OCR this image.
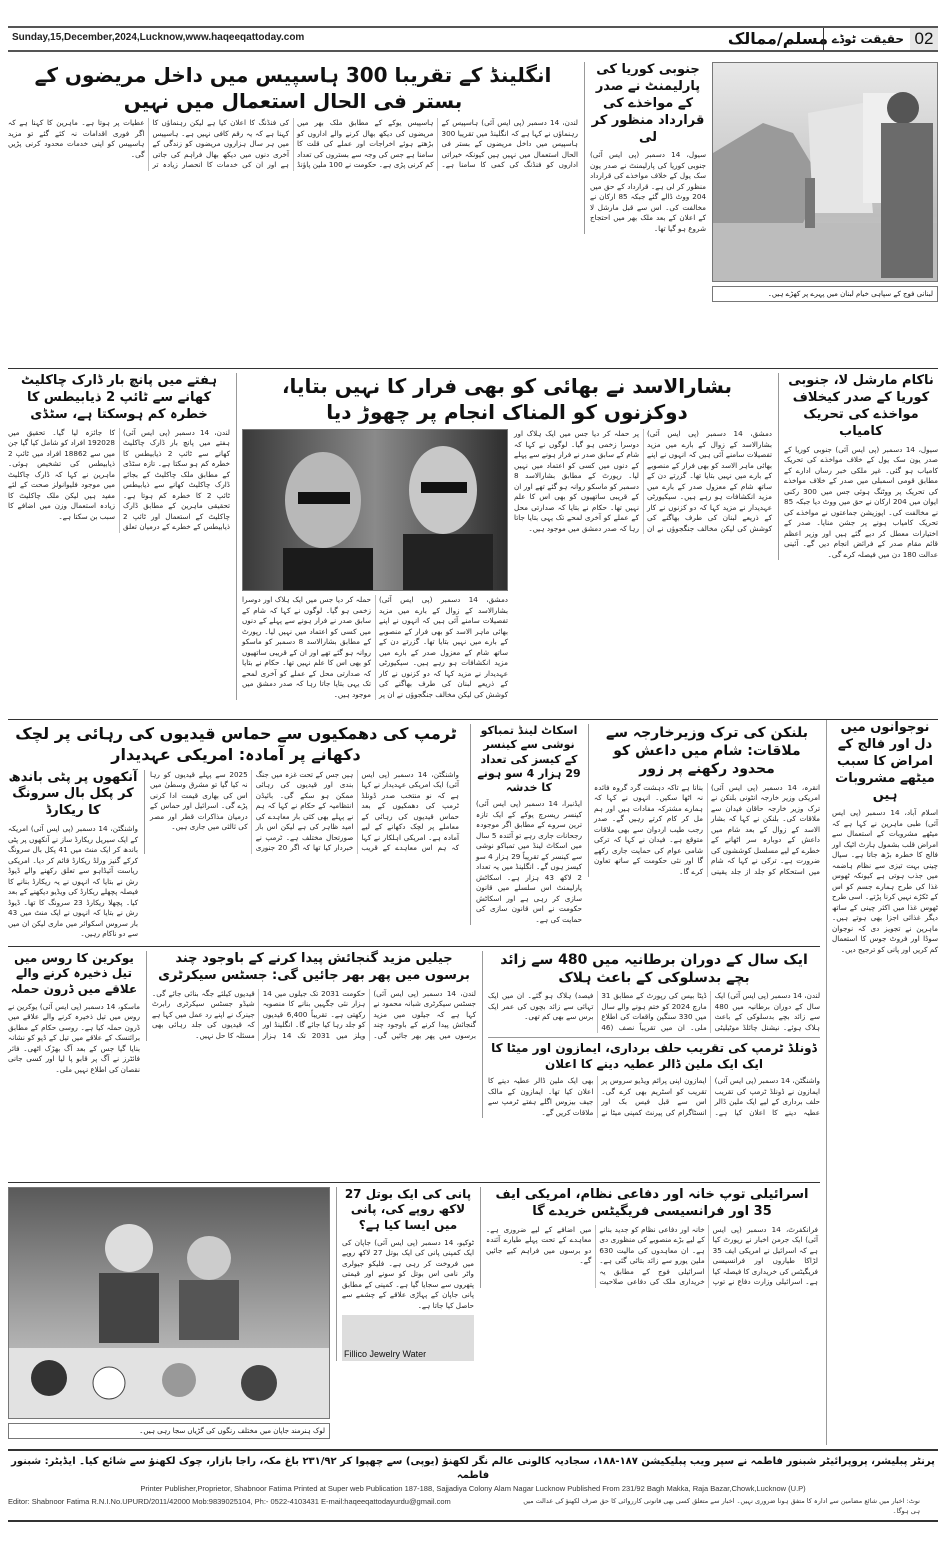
Sunday,15,December,2024,Lucknow,www.haqeeqattoday.com	مسلم/ممالک حقیقت ٹوڈے 02
انگلینڈ کے تقریبا 300 ہاسپیس میں داخل مریضوں کے بستر فی الحال استعمال میں نہیں
لندن، 14 دسمبر (پی ایس آئی) ہاسپیس کے رہنماؤں نے کہا ہے کہ انگلینڈ میں تقریبا 300 ہاسپیس میں داخل مریضوں کے بستر فی الحال استعمال میں نہیں ہیں کیونکہ خیراتی اداروں کو فنڈنگ کی کمی کا سامنا ہے۔ ہاسپیس یوکے کے مطابق ملک بھر میں مریضوں کی دیکھ بھال کرنے والے اداروں کو بڑھتے ہوئے اخراجات اور عملے کی قلت کا سامنا ہے جس کی وجہ سے بستروں کی تعداد کم کرنی پڑی ہے۔ حکومت نے 100 ملین پاؤنڈ کی فنڈنگ کا اعلان کیا ہے لیکن رہنماؤں کا کہنا ہے کہ یہ رقم کافی نہیں ہے۔ ہاسپیس میں ہر سال ہزاروں مریضوں کو زندگی کے آخری دنوں میں دیکھ بھال فراہم کی جاتی ہے اور ان کی خدمات کا انحصار زیادہ تر عطیات پر ہوتا ہے۔ ماہرین کا کہنا ہے کہ اگر فوری اقدامات نہ کئے گئے تو مزید ہاسپیس کو اپنی خدمات محدود کرنی پڑیں گی۔
جنوبی کوریا کی پارلیمنٹ نے صدر کے مواخذے کی قرارداد منظور کر لی
سیول، 14 دسمبر (پی ایس آئی) جنوبی کوریا کی پارلیمنٹ نے صدر یون سک یول کے خلاف مواخذے کی قرارداد منظور کر لی ہے۔ قرارداد کے حق میں 204 ووٹ ڈالے گئے جبکہ 85 ارکان نے مخالفت کی۔ اس سے قبل مارشل لا کے اعلان کے بعد ملک بھر میں احتجاج شروع ہو گیا تھا۔
لبنانی فوج کے سپاہی خیام لبنان میں پہرے پر کھڑے ہیں۔
ہفتے میں پانچ بار ڈارک چاکلیٹ کھانے سے ٹائپ 2 ذیابیطس کا خطرہ کم ہوسکتا ہے، سٹڈی
لندن، 14 دسمبر (پی ایس آئی) ہفتے میں پانچ بار ڈارک چاکلیٹ کھانے سے ٹائپ 2 ذیابیطس کا خطرہ کم ہو سکتا ہے۔ تازہ سٹڈی کے مطابق ملک چاکلیٹ کے بجائے ڈارک چاکلیٹ کھانے سے ذیابیطس ٹائپ 2 کا خطرہ کم ہوتا ہے۔ تحقیقی ماہرین کے مطابق ڈارک چاکلیٹ کے استعمال اور ٹائپ 2 ذیابیطس کے خطرے کے درمیان تعلق کا جائزہ لیا گیا۔ تحقیق میں 192028 افراد کو شامل کیا گیا جن میں سے 18862 افراد میں ٹائپ 2 ذیابیطس کی تشخیص ہوئی۔ ماہرین نے کہا کہ ڈارک چاکلیٹ میں موجود فلیوانولز صحت کے لئے مفید ہیں لیکن ملک چاکلیٹ کا زیادہ استعمال وزن میں اضافے کا سبب بن سکتا ہے۔
بشارالاسد نے بھائی کو بھی فرار کا نہیں بتایا، دوکزنوں کو المناک انجام پر چھوڑ دیا
دمشق، 14 دسمبر (پی ایس آئی) بشارالاسد کے زوال کے بارے میں مزید تفصیلات سامنے آئی ہیں کہ انہوں نے اپنے بھائی ماہر الاسد کو بھی فرار کے منصوبے کے بارے میں نہیں بتایا تھا۔ گزرتے دن کے ساتھ شام کے معزول صدر کے بارے میں مزید انکشافات ہو رہے ہیں۔ سیکیورٹی عہدیدار نے مزید کہا کہ دو کزنوں نے کار کے ذریعے لبنان کی طرف بھاگنے کی کوشش کی لیکن مخالف جنگجوؤں نے ان پر حملہ کر دیا جس میں ایک ہلاک اور دوسرا زخمی ہو گیا۔ لوگوں نے کہا کہ شام کے سابق صدر نے فرار ہونے سے پہلے کے دنوں میں کسی کو اعتماد میں نہیں لیا۔ رپورٹ کے مطابق بشارالاسد 8 دسمبر کو ماسکو روانہ ہو گئے تھے اور ان کے قریبی ساتھیوں کو بھی اس کا علم نہیں تھا۔ حکام نے بتایا کہ صدارتی محل کے عملے کو آخری لمحے تک یہی بتایا جاتا رہا کہ صدر دمشق میں موجود ہیں۔
دمشق، 14 دسمبر (پی ایس آئی) بشارالاسد کے زوال کے بارے میں مزید تفصیلات سامنے آئی ہیں کہ انہوں نے اپنے بھائی ماہر الاسد کو بھی فرار کے منصوبے کے بارے میں نہیں بتایا تھا۔ گزرتے دن کے ساتھ شام کے معزول صدر کے بارے میں مزید انکشافات ہو رہے ہیں۔ سیکیورٹی عہدیدار نے مزید کہا کہ دو کزنوں نے کار کے ذریعے لبنان کی طرف بھاگنے کی کوشش کی لیکن مخالف جنگجوؤں نے ان پر حملہ کر دیا جس میں ایک ہلاک اور دوسرا زخمی ہو گیا۔ لوگوں نے کہا کہ شام کے سابق صدر نے فرار ہونے سے پہلے کے دنوں میں کسی کو اعتماد میں نہیں لیا۔ رپورٹ کے مطابق بشارالاسد 8 دسمبر کو ماسکو روانہ ہو گئے تھے اور ان کے قریبی ساتھیوں کو بھی اس کا علم نہیں تھا۔ حکام نے بتایا کہ صدارتی محل کے عملے کو آخری لمحے تک یہی بتایا جاتا رہا کہ صدر دمشق میں موجود ہیں۔
ناکام مارشل لا، جنوبی کوریا کے صدر کیخلاف مواخذے کی تحریک کامیاب
سیول، 14 دسمبر (پی ایس آئی) جنوبی کوریا کے صدر یون سک یول کے خلاف مواخذے کی تحریک کامیاب ہو گئی۔ غیر ملکی خبر رساں ادارے کے مطابق قومی اسمبلی میں صدر کے خلاف مواخذے کی تحریک پر ووٹنگ ہوئی جس میں 300 رکنی ایوان میں 204 ارکان نے حق میں ووٹ دیا جبکہ 85 نے مخالفت کی۔ اپوزیشن جماعتوں نے مواخذے کی تحریک کامیاب ہونے پر جشن منایا۔ صدر کے اختیارات معطل کر دیے گئے ہیں اور وزیر اعظم قائم مقام صدر کے فرائض انجام دیں گے۔ آئینی عدالت 180 دن میں فیصلہ کرے گی۔
ٹرمپ کی دھمکیوں سے حماس قیدیوں کی رہائی پر لچک دکھانے پر آمادہ: امریکی عہدیدار
آنکھوں پر پٹی باندھ کر پکل بال سرونگ کا ریکارڈ
واشنگٹن، 14 دسمبر (پی ایس آئی) امریکہ کے ایک سیریل ریکارڈ ساز نے آنکھوں پر پٹی باندھ کر ایک منٹ میں 41 پکل بال سرونگ کرکے گنیز ورلڈ ریکارڈ قائم کر دیا۔ امریکی ریاست آئیڈاہو سے تعلق رکھنے والے ڈیوڈ رش نے بتایا کہ انہوں نے یہ ریکارڈ بنانے کا فیصلہ پچھلے ریکارڈ کی ویڈیو دیکھنے کے بعد کیا۔ پچھلا ریکارڈ 23 سرونگ کا تھا۔ ڈیوڈ رش نے بتایا کہ انہوں نے ایک منٹ میں 43 بار سروس اسکوائر میں ماری لیکن ان میں سے دو ناکام رہیں۔
واشنگٹن، 14 دسمبر (پی ایس آئی) ایک امریکی عہدیدار نے کہا ہے کہ نو منتخب صدر ڈونلڈ ٹرمپ کی دھمکیوں کے بعد حماس قیدیوں کی رہائی کے معاملے پر لچک دکھانے کے لیے آمادہ ہے۔ امریکی اہلکار نے کہا کہ ہم اس معاہدے کے قریب ہیں جس کے تحت غزہ میں جنگ بندی اور قیدیوں کی رہائی ممکن ہو سکے گی۔ بائیڈن انتظامیہ کے حکام نے کہا کہ ہم نے پہلے بھی کئی بار معاہدے کی امید ظاہر کی ہے لیکن اس بار صورتحال مختلف ہے۔ ٹرمپ نے خبردار کیا تھا کہ اگر 20 جنوری 2025 سے پہلے قیدیوں کو رہا نہ کیا گیا تو مشرق وسطیٰ میں اس کی بھاری قیمت ادا کرنی پڑے گی۔ اسرائیل اور حماس کے درمیان مذاکرات قطر اور مصر کی ثالثی میں جاری ہیں۔
اسکاٹ لینڈ تمباکو نوشی سے کینسر کے کیسز کی تعداد 29 ہزار 4 سو ہونے کا خدشہ
ایڈنبرا، 14 دسمبر (پی ایس آئی) کینسر ریسرچ یوکے کے ایک تازہ ترین سروے کے مطابق اگر موجودہ رجحانات جاری رہے تو آئندہ 5 سال میں اسکاٹ لینڈ میں تمباکو نوشی سے کینسر کے تقریباً 29 ہزار 4 سو کیسز ہوں گے۔ انگلینڈ میں یہ تعداد 2 لاکھ 43 ہزار ہے۔ اسکاٹش پارلیمنٹ اس سلسلے میں قانون سازی کر رہی ہے اور اسکاٹش حکومت نے اس قانون سازی کی حمایت کی ہے۔
بلنکن کی ترک وزیرخارجہ سے ملاقات: شام میں داعش کو محدود رکھنے پر زور
انقرہ، 14 دسمبر (پی ایس آئی) امریکی وزیر خارجہ انٹونی بلنکن نے ترک وزیر خارجہ حاقان فیدان سے ملاقات کی۔ بلنکن نے کہا کہ بشار الاسد کے زوال کے بعد شام میں داعش کے دوبارہ سر اٹھانے کے خطرے کے لیے مسلسل کوششوں کی ضرورت ہے۔ ترکی نے کہا کہ شام میں استحکام کو جلد از جلد یقینی بنانا ہے تاکہ دہشت گرد گروہ فائدہ نہ اٹھا سکیں۔ انہوں نے کہا کہ ہمارے مشترکہ مفادات ہیں اور ہم مل کر کام کرتے رہیں گے۔ صدر رجب طیب اردوان سے بھی ملاقات متوقع ہے۔ فیدان نے کہا کہ ترکی شامی عوام کی حمایت جاری رکھے گا اور نئی حکومت کے ساتھ تعاون کرے گا۔
یوکرین کا روس میں تیل ذخیرہ کرنے والے علاقے میں ڈرون حملہ
ماسکو، 14 دسمبر (پی ایس آئی) یوکرین نے روس میں تیل ذخیرہ کرنے والے علاقے میں ڈرون حملہ کیا ہے۔ روسی حکام کے مطابق برائنسک کے علاقے میں تیل کے ڈپو کو نشانہ بنایا گیا جس کے بعد آگ بھڑک اٹھی۔ فائر فائٹرز نے آگ پر قابو پا لیا اور کسی جانی نقصان کی اطلاع نہیں ملی۔
جیلیں مزید گنجائش پیدا کرنے کے باوجود چند برسوں میں پھر بھر جائیں گی: جسٹس سیکرٹری
لندن، 14 دسمبر (پی ایس آئی) جسٹس سیکرٹری شبانہ محمود نے کہا ہے کہ جیلوں میں مزید گنجائش پیدا کرنے کے باوجود چند برسوں میں پھر بھر جائیں گی۔ حکومت 2031 تک جیلوں میں 14 ہزار نئی جگہیں بنانے کا منصوبہ رکھتی ہے۔ تقریباً 6,400 قیدیوں کو جلد رہا کیا جائے گا۔ انگلینڈ اور ویلز میں 2031 تک 14 ہزار قیدیوں کیلئے جگہ بنائی جائے گی۔ شیڈو جسٹس سیکرٹری رابرٹ جینرک نے اپنے رد عمل میں کہا ہے کہ قیدیوں کی جلد رہائی بھی مسئلہ کا حل نہیں۔
ایک سال کے دوران برطانیہ میں 480 سے زائد بچے بدسلوکی کے باعث ہلاک
لندن، 14 دسمبر (پی ایس آئی) ایک سال کے دوران برطانیہ میں 480 سے زائد بچے بدسلوکی کے باعث ہلاک ہوئے۔ نیشنل چائلڈ موٹیلیٹی ڈیٹا بیس کی رپورٹ کے مطابق 31 مارچ 2024 کو ختم ہونے والے سال میں 330 سنگین واقعات کی اطلاع ملی۔ ان میں تقریباً نصف (46 فیصد) ہلاک ہو گئے۔ ان میں ایک تہائی سے زائد بچوں کی عمر ایک برس سے بھی کم تھی۔
ڈونلڈ ٹرمپ کی تقریب حلف برداری، ایمازون اور میٹا کا ایک ایک ملین ڈالر عطیہ دینے کا اعلان
واشنگٹن، 14 دسمبر (پی ایس آئی) ایمازون نے ڈونلڈ ٹرمپ کی تقریب حلف برداری کے لیے ایک ملین ڈالر عطیہ دینے کا اعلان کیا ہے۔ ایمازون اپنی پرائم ویڈیو سروس پر تقریب کو اسٹریم بھی کرے گی۔ اس سے قبل فیس بک اور انسٹاگرام کی پیرنٹ کمپنی میٹا نے بھی ایک ملین ڈالر عطیہ دینے کا اعلان کیا تھا۔ ایمازون کے مالک جیف بیزوس اگلے ہفتے ٹرمپ سے ملاقات کریں گے۔
لوک ہنرمند جاپان میں مختلف رنگوں کی گڑیاں سجا رہی ہیں۔
پانی کی ایک بوتل 27 لاکھ روپے کی، پانی میں ایسا کیا ہے؟
ٹوکیو، 14 دسمبر (پی ایس آئی) جاپان کی ایک کمپنی پانی کی ایک بوتل 27 لاکھ روپے میں فروخت کر رہی ہے۔ فلیکو جیولری واٹر نامی اس بوتل کو سونے اور قیمتی پتھروں سے سجایا گیا ہے۔ کمپنی کے مطابق پانی جاپان کے پہاڑی علاقے کے چشمے سے حاصل کیا جاتا ہے۔
Fillico Jewelry Water
اسرائیلی توپ خانہ اور دفاعی نظام، امریکی ایف 35 اور فرانسیسی فریگیٹس خریدے گا
فرانکفرٹ، 14 دسمبر (پی ایس آئی) ایک جرمن اخبار نے رپورٹ کیا ہے کہ اسرائیل نے امریکی ایف 35 لڑاکا طیاروں اور فرانسیسی فریگیٹس کی خریداری کا فیصلہ کیا ہے۔ اسرائیلی وزارت دفاع نے توپ خانہ اور دفاعی نظام کو جدید بنانے کے لیے بڑے منصوبے کی منظوری دی ہے۔ ان معاہدوں کی مالیت 630 ملین یورو سے زائد بتائی گئی ہے۔ اسرائیلی فوج کے مطابق یہ خریداری ملک کی دفاعی صلاحیت میں اضافے کے لیے ضروری ہے۔ معاہدے کے تحت پہلے طیارے آئندہ دو برسوں میں فراہم کیے جائیں گے۔
نوجوانوں میں دل اور فالج کے امراض کا سبب میٹھے مشروبات ہیں
اسلام آباد، 14 دسمبر (پی ایس آئی) طبی ماہرین نے کہا ہے کہ میٹھے مشروبات کے استعمال سے امراض قلب بشمول ہارٹ اٹیک اور فالج کا خطرہ بڑھ جاتا ہے۔ سیال چینی بہت تیزی سے نظام ہاضمہ میں جذب ہوتی ہے کیونکہ ٹھوس غذا کی طرح ہمارے جسم کو اس کے ٹکڑے نہیں کرنا پڑتے۔ اسی طرح ٹھوس غذا میں اکثر چینی کے ساتھ دیگر غذائی اجزا بھی ہوتے ہیں۔ ماہرین نے تجویز دی کہ نوجوان سوڈا اور فروٹ جوس کا استعمال کم کریں اور پانی کو ترجیح دیں۔
پرنٹر پبلیشر، پروپرائیٹر شبنور فاطمہ نے سپر ویب پبلیکیشن ۱۸۷-۱۸۸، سجادیہ کالونی عالم نگر لکھنؤ (یوپی) سے چھپوا کر ۲۳۱/۹۲ باغ مکہ، راجا بازار، چوک لکھنؤ سے شائع کیا۔ ایڈیٹر: شبنور فاطمہ
Printer Publisher,Proprietor, Shabnoor Fatima Printed at Super web Publication 187-188, Sajjadiya Colony Alam Nagar Lucknow Published From 231/92 Bagh Makka, Raja Bazar,Chowk,Lucknow (U.P)
Editor: Shabnoor Fatima R.N.I.No.UPURD/2011/42000 Mob:9839025104, Ph:- 0522-4103431 E-mail:haqeeqattodayurdu@gmail.com	نوٹ: اخبار میں شائع مضامین سے ادارہ کا متفق ہونا ضروری نہیں۔ اخبار سے متعلق کسی بھی قانونی کارروائی کا حق صرف لکھنؤ کی عدالت میں ہی ہوگا۔
